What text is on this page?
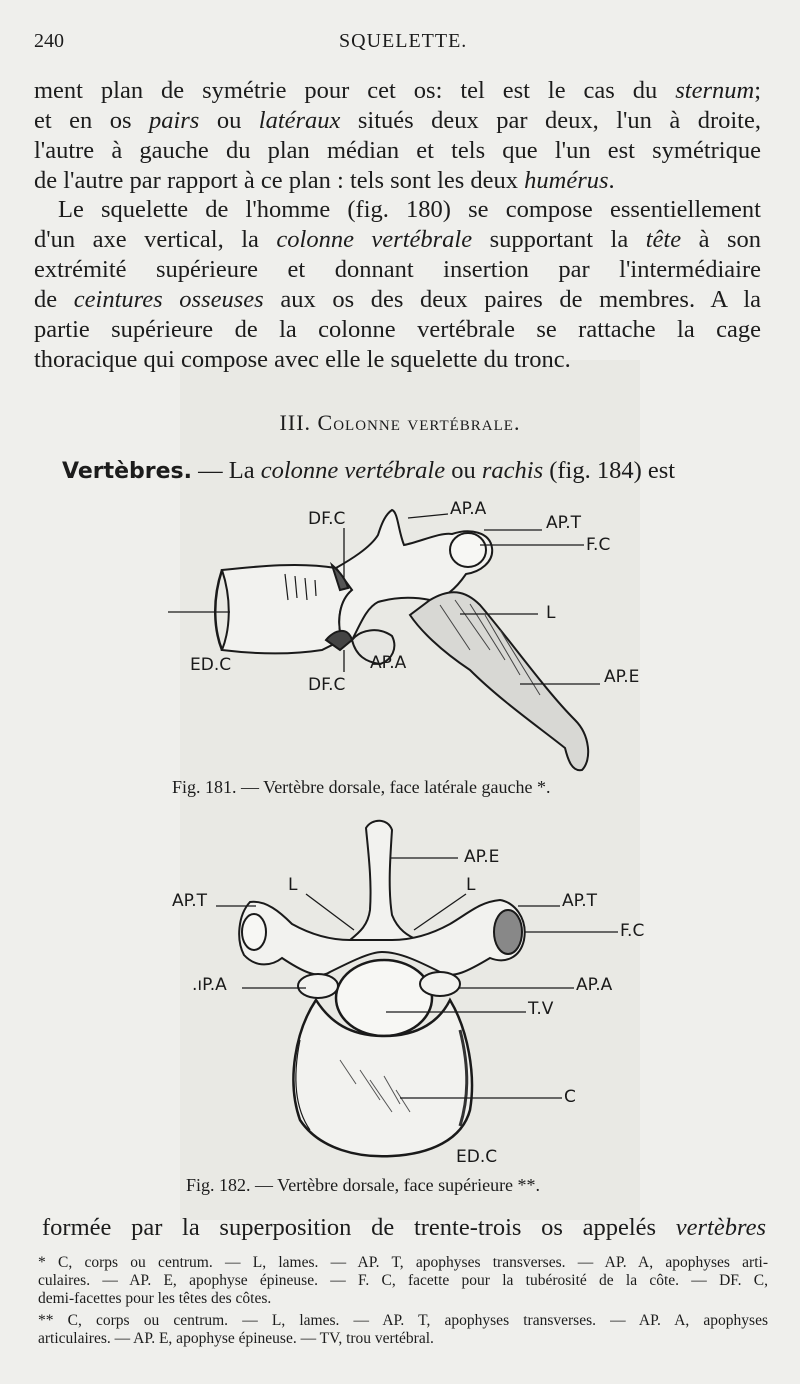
240	SQUELETTE.
ment plan de symétrie pour cet os: tel est le cas du sternum;
et en os pairs ou latéraux situés deux par deux, l'un à droite,
l'autre à gauche du plan médian et tels que l'un est symétrique
de l'autre par rapport à ce plan : tels sont les deux humérus.
Le squelette de l'homme (fig. 180) se compose essentiellement
d'un axe vertical, la colonne vertébrale supportant la tête à son
extrémité supérieure et donnant insertion par l'intermédiaire
de ceintures osseuses aux os des deux paires de membres. A la
partie supérieure de la colonne vertébrale se rattache la cage
thoracique qui compose avec elle le squelette du tronc.
III. Colonne vertébrale.
Vertèbres. — La colonne vertébrale ou rachis (fig. 184) est
DF.C	AP.A
AP.T
F.C
L
ED.C	AP.A
DF.C	AP.E
AP.E
L	L
AP.T	AP.T
F.C
.ıP.A	AP.A
T.V
C
ED.C
Fig. 181. — Vertèbre dorsale, face latérale gauche *.
Fig. 182. — Vertèbre dorsale, face supérieure **.
formée par la superposition de trente-trois os appelés vertèbres
* C, corps ou centrum. — L, lames. — AP. T, apophyses transverses. — AP. A, apophyses arti-
culaires. — AP. E, apophyse épineuse. — F. C, facette pour la tubérosité de la côte. — DF. C,
demi-facettes pour les têtes des côtes.
** C, corps ou centrum. — L, lames. — AP. T, apophyses transverses. — AP. A, apophyses
articulaires. — AP. E, apophyse épineuse. — TV, trou vertébral.
